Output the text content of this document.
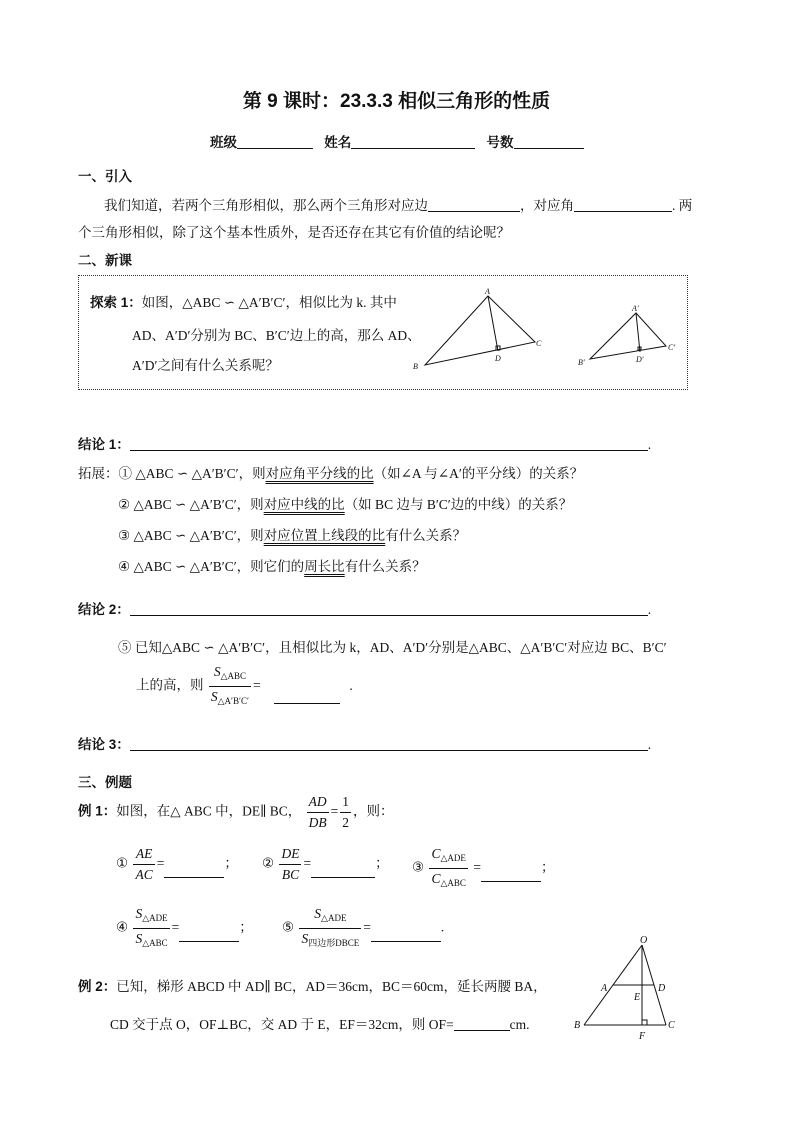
第 9 课时：23.3.3 相似三角形的性质
班级	姓名	号数
一、引入
我们知道，若两个三角形相似，那么两个三角形对应边	，对应角	. 两
个三角形相似，除了这个基本性质外，是否还存在其它有价值的结论呢？
二、新课
探索 1：如图，△ABC ∽ △A′B′C′，相似比为 k. 其中
AD、A′D′分别为 BC、B′C′边上的高，那么 AD、
A′D′之间有什么关系呢？
A
B
C
D
A′
B′
C′
D′
结论 1：	.
拓展：① △ABC ∽ △A′B′C′，则对应角平分线的比（如∠A 与∠A′的平分线）的关系？
② △ABC ∽ △A′B′C′，则对应中线的比（如 BC 边与 B′C′边的中线）的关系？
③ △ABC ∽ △A′B′C′，则对应位置上线段的比有什么关系？
④ △ABC ∽ △A′B′C′，则它们的周长比有什么关系？
结论 2：	.
⑤ 已知△ABC ∽ △A′B′C′，且相似比为 k，AD、A′D′分别是△ABC、△A′B′C′对应边 BC、B′C′
上的高，则 $\frac{S_{\triangle ABC}}{S_{\triangle A'B'C'}}$ =	.
结论 3：	.
三、例题
例 1：如图，在△ ABC 中，DE∥ BC， $\frac{AD}{DB} = \frac{1}{2}$ ，则：
① $\frac{AE}{AC}$ =	； ② $\frac{DE}{BC}$ =	； ③ $\frac{C_{\triangle ADE}}{C_{\triangle ABC}}$ =	；
④ $\frac{S_{\triangle ADE}}{S_{\triangle ABC}}$ =	； ⑤ $\frac{S_{\triangle ADE}}{S_{四边形DBCE}}$ =	.
例 2：已知，梯形 ABCD 中 AD∥ BC，AD＝36cm，BC＝60cm，延长两腰 BA，
CD 交于点 O，OF⊥BC，交 AD 于 E，EF＝32cm，则 OF=	cm.
O
A	D
E
B
F
C
